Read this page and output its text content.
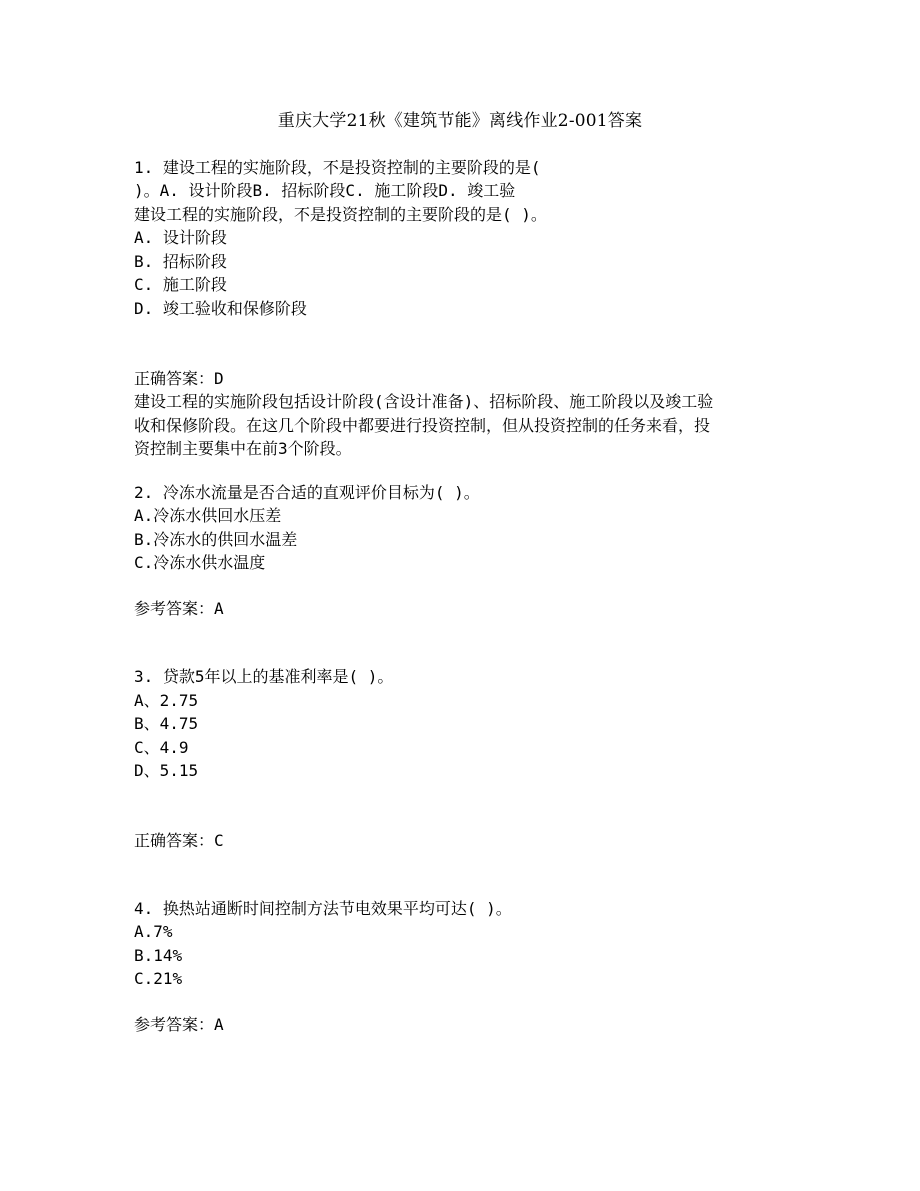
重庆大学21秋《建筑节能》离线作业2-001答案
1. 建设工程的实施阶段，不是投资控制的主要阶段的是(
)。A. 设计阶段B. 招标阶段C. 施工阶段D. 竣工验
建设工程的实施阶段，不是投资控制的主要阶段的是( )。
A. 设计阶段
B. 招标阶段
C. 施工阶段
D. 竣工验收和保修阶段
正确答案：D
建设工程的实施阶段包括设计阶段(含设计准备)、招标阶段、施工阶段以及竣工验
收和保修阶段。在这几个阶段中都要进行投资控制，但从投资控制的任务来看，投
资控制主要集中在前3个阶段。
2. 冷冻水流量是否合适的直观评价目标为( )。
A.冷冻水供回水压差
B.冷冻水的供回水温差
C.冷冻水供水温度
参考答案：A
3. 贷款5年以上的基准利率是( )。
A、2.75
B、4.75
C、4.9
D、5.15
正确答案：C
4. 换热站通断时间控制方法节电效果平均可达( )。
A.7%
B.14%
C.21%
参考答案：A
